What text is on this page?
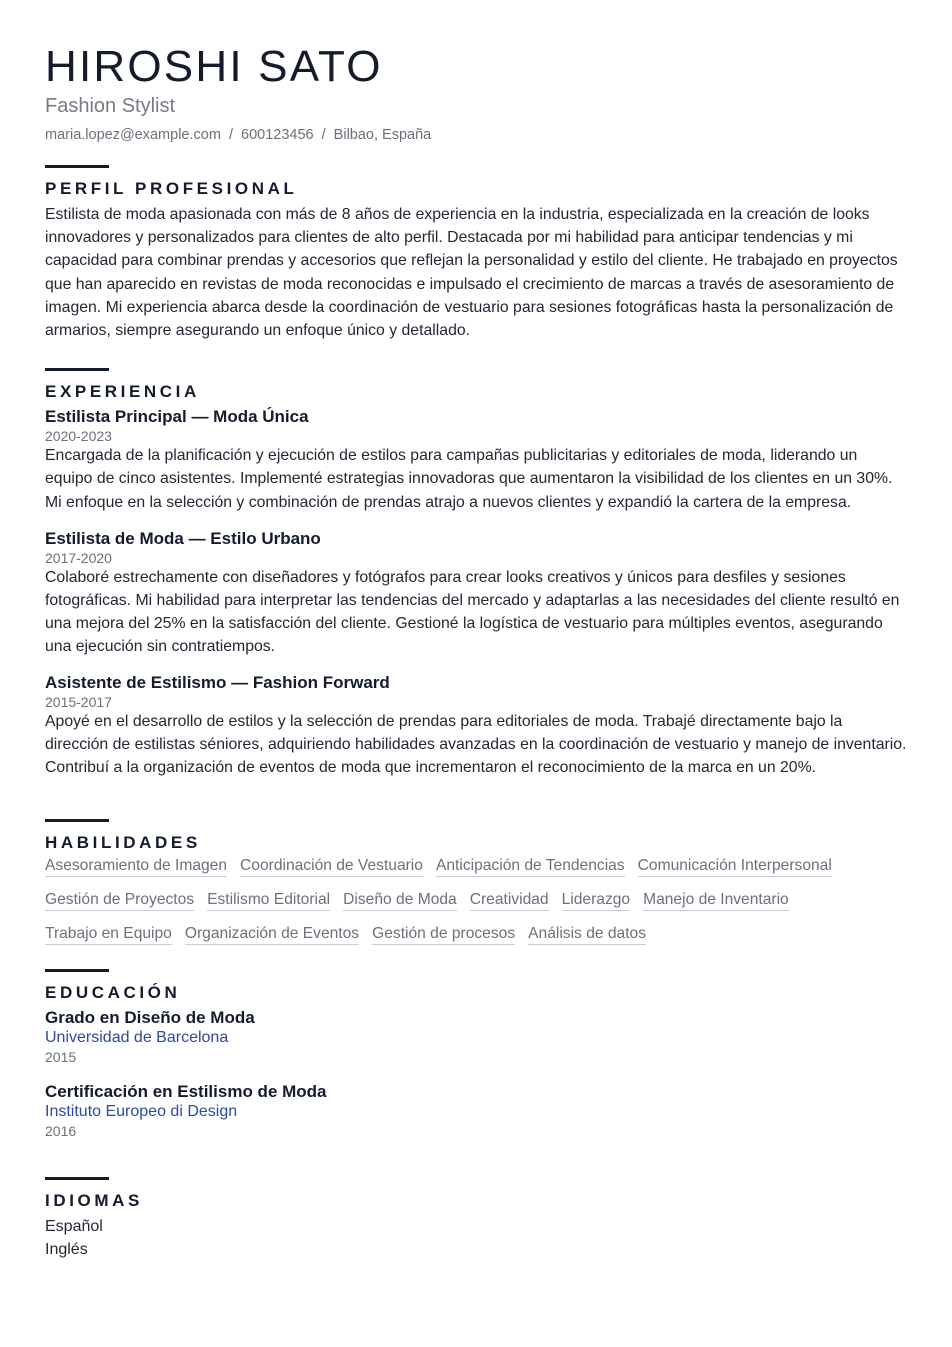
HIROSHI SATO
Fashion Stylist
maria.lopez@example.com / 600123456 / Bilbao, España
PERFIL PROFESIONAL

Estilista de moda apasionada con más de 8 años de experiencia en la industria, especializada en la creación de looks innovadores y personalizados para clientes de alto perfil. Destacada por mi habilidad para anticipar tendencias y mi capacidad para combinar prendas y accesorios que reflejan la personalidad y estilo del cliente. He trabajado en proyectos que han aparecido en revistas de moda reconocidas e impulsado el crecimiento de marcas a través de asesoramiento de imagen. Mi experiencia abarca desde la coordinación de vestuario para sesiones fotográficas hasta la personalización de armarios, siempre asegurando un enfoque único y detallado.

EXPERIENCIA
Estilista Principal — Moda Única
2020-2023

Encargada de la planificación y ejecución de estilos para campañas publicitarias y editoriales de moda, liderando un equipo de cinco asistentes. Implementé estrategias innovadoras que aumentaron la visibilidad de los clientes en un 30%. Mi enfoque en la selección y combinación de prendas atrajo a nuevos clientes y expandió la cartera de la empresa.

Estilista de Moda — Estilo Urbano
2017-2020

Colaboré estrechamente con diseñadores y fotógrafos para crear looks creativos y únicos para desfiles y sesiones fotográficas. Mi habilidad para interpretar las tendencias del mercado y adaptarlas a las necesidades del cliente resultó en una mejora del 25% en la satisfacción del cliente. Gestioné la logística de vestuario para múltiples eventos, asegurando una ejecución sin contratiempos.

Asistente de Estilismo — Fashion Forward
2015-2017

Apoyé en el desarrollo de estilos y la selección de prendas para editoriales de moda. Trabajé directamente bajo la dirección de estilistas séniores, adquiriendo habilidades avanzadas en la coordinación de vestuario y manejo de inventario. Contribuí a la organización de eventos de moda que incrementaron el reconocimiento de la marca en un 20%.

HABILIDADES
Asesoramiento de Imagen Coordinación de Vestuario Anticipación de Tendencias Comunicación Interpersonal
Gestión de Proyectos Estilismo Editorial Diseño de Moda Creatividad Liderazgo Manejo de Inventario
Trabajo en Equipo Organización de Eventos Gestión de procesos Análisis de datos
EDUCACIÓN
Grado en Diseño de Moda
Universidad de Barcelona
2015
Certificación en Estilismo de Moda
Instituto Europeo di Design
2016
IDIOMAS
Español
Inglés
